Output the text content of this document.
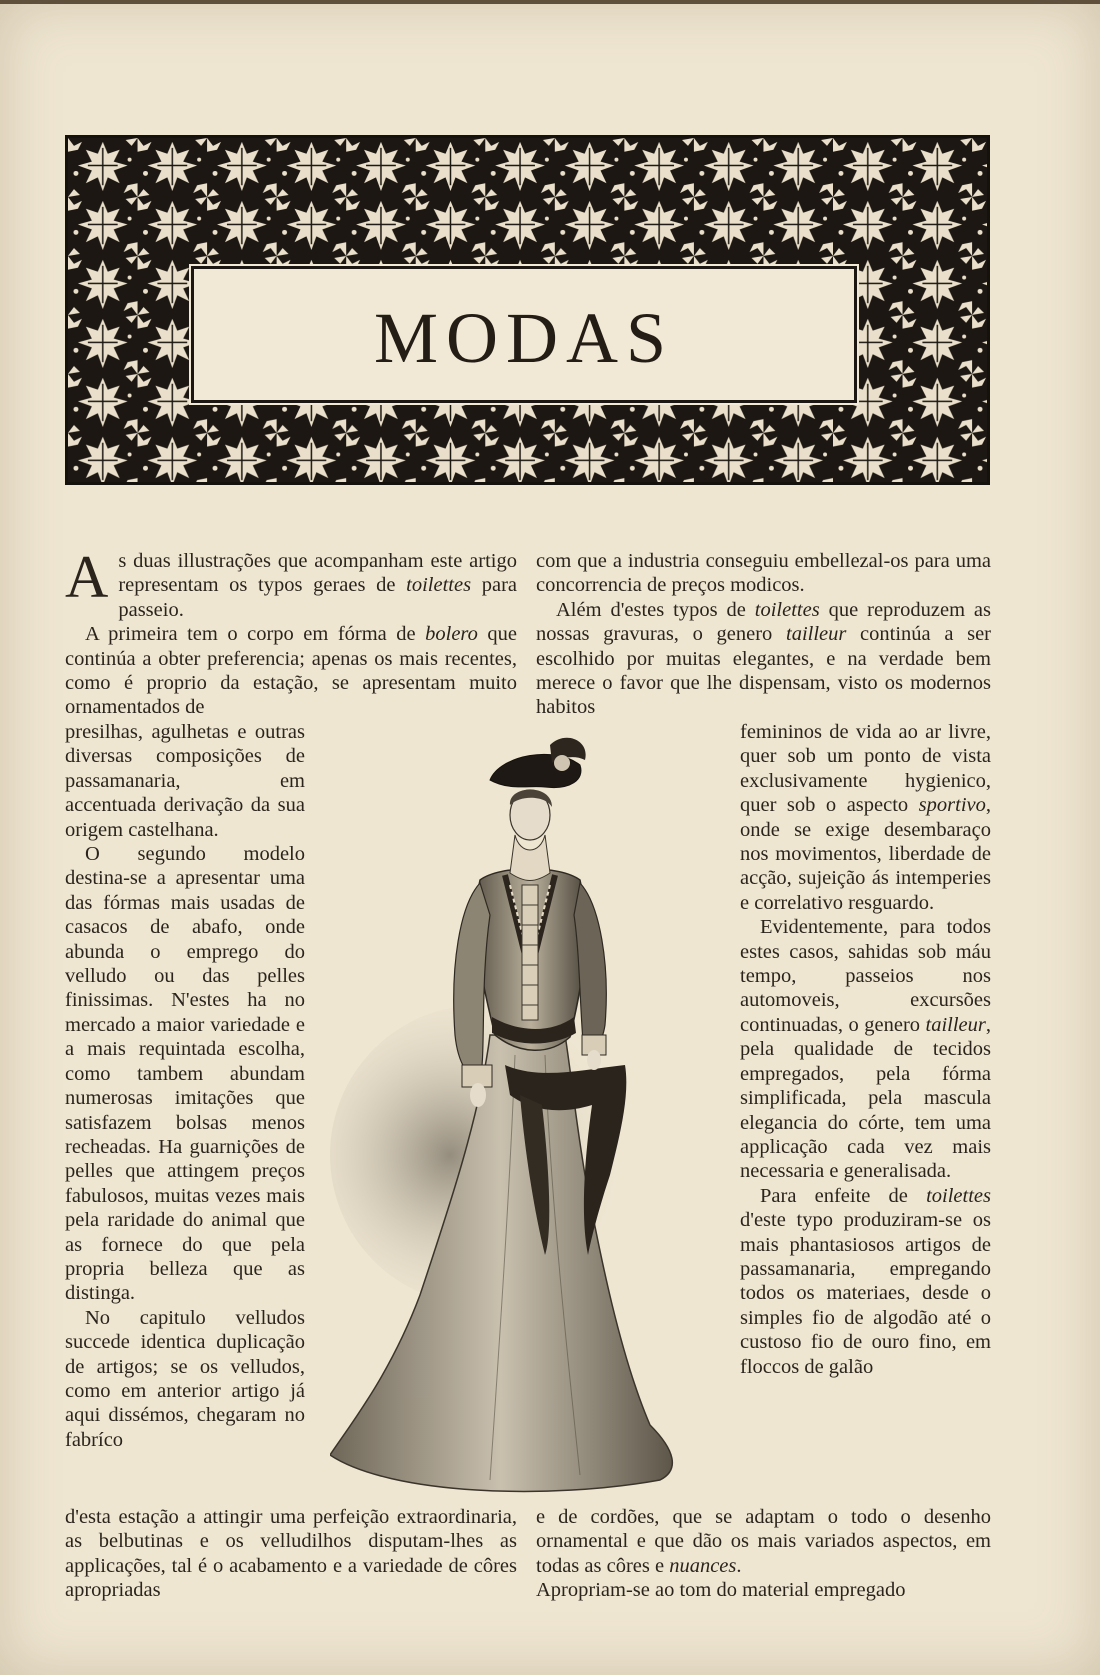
MODAS

As duas illustrações que acompanham este artigo representam os typos geraes de toilettes para passeio.

A primeira tem o corpo em fórma de bolero que continúa a obter preferencia; apenas os mais recentes, como é proprio da estação, se apresentam muito ornamentados de

presilhas, agulhetas e outras diversas composições de passamanaria, em accentuada derivação da sua origem castelhana.

O segundo modelo destina-se a apresentar uma das fórmas mais usadas de casacos de abafo, onde abunda o emprego do velludo ou das pelles finissimas. N'estes ha no mercado a maior variedade e a mais requintada escolha, como tambem abundam numerosas imitações que satisfazem bolsas menos recheadas. Ha guarnições de pelles que attingem preços fabulosos, muitas vezes mais pela raridade do animal que as fornece do que pela propria belleza que as distinga.

No capitulo velludos succede identica duplicação de artigos; se os velludos, como em anterior artigo já aqui dissémos, chegaram no fabríco

d'esta estação a attingir uma perfeição extraordinaria, as belbutinas e os velludilhos disputam-lhes as applicações, tal é o acabamento e a variedade de côres apropriadas

com que a industria conseguiu embellezal-os para uma concorrencia de preços modicos.

Além d'estes typos de toilettes que reproduzem as nossas gravuras, o genero tailleur continúa a ser escolhido por muitas elegantes, e na verdade bem merece o favor que lhe dispensam, visto os modernos habitos

femininos de vida ao ar livre, quer sob um ponto de vista exclusivamente hygienico, quer sob o aspecto sportivo, onde se exige desembaraço nos movimentos, liberdade de acção, sujeição ás intemperies e correlativo resguardo.

Evidentemente, para todos estes casos, sahidas sob máu tempo, passeios nos automoveis, excursões continuadas, o genero tailleur, pela qualidade de tecidos empregados, pela fórma simplificada, pela mascula elegancia do córte, tem uma applicação cada vez mais necessaria e generalisada.

Para enfeite de toilettes d'este typo produziram-se os mais phantasiosos artigos de passamanaria, empregando todos os materiaes, desde o simples fio de algodão até o custoso fio de ouro fino, em floccos de galão

e de cordões, que se adaptam o todo o desenho ornamental e que dão os mais variados aspectos, em todas as côres e nuances.

Apropriam-se ao tom do material empregado
